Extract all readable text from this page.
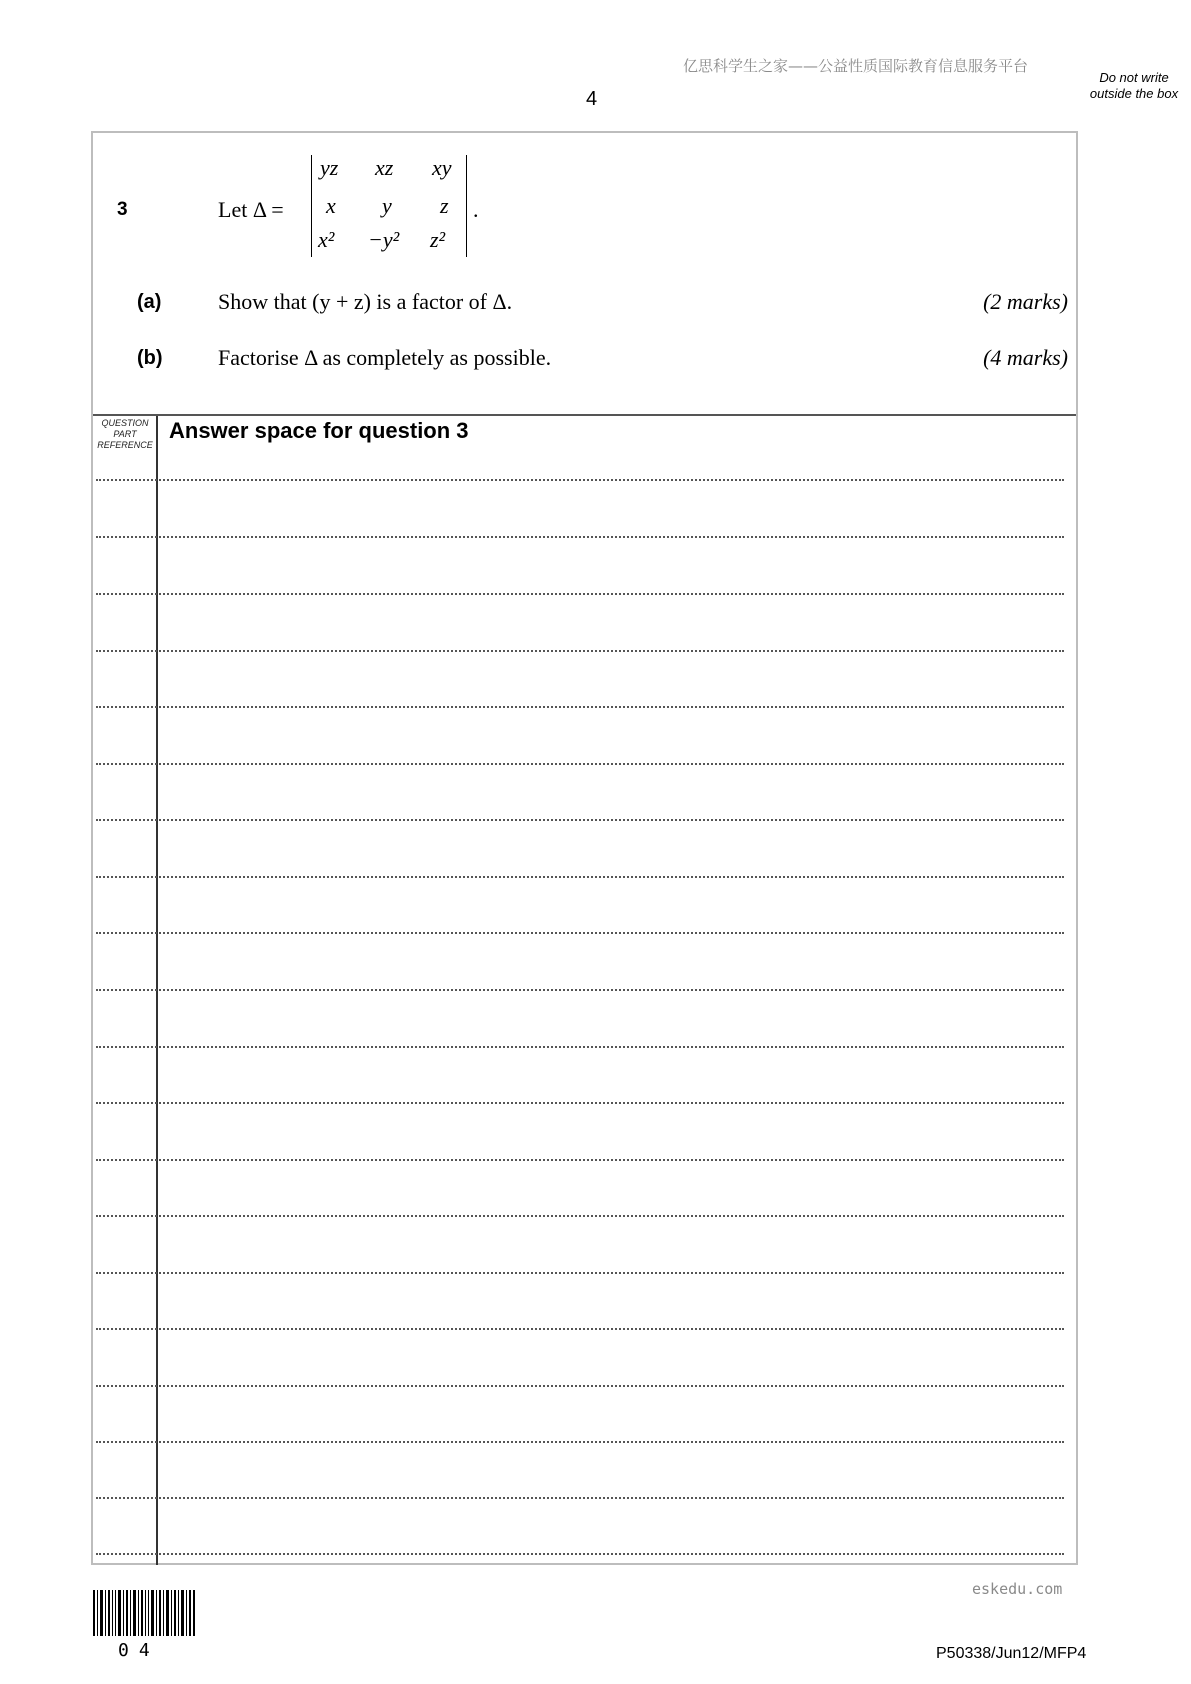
亿思科学生之家——公益性质国际教育信息服务平台
4
Do not write outside the box
3	Let Δ =
yz xz xy
x y z
x² −y² z²
.
(a)	Show that (y + z) is a factor of Δ.	(2 marks)
(b)	Factorise Δ as completely as possible.	(4 marks)
QUESTION PART REFERENCE
Answer space for question 3
eskedu.com
04	P50338/Jun12/MFP4
